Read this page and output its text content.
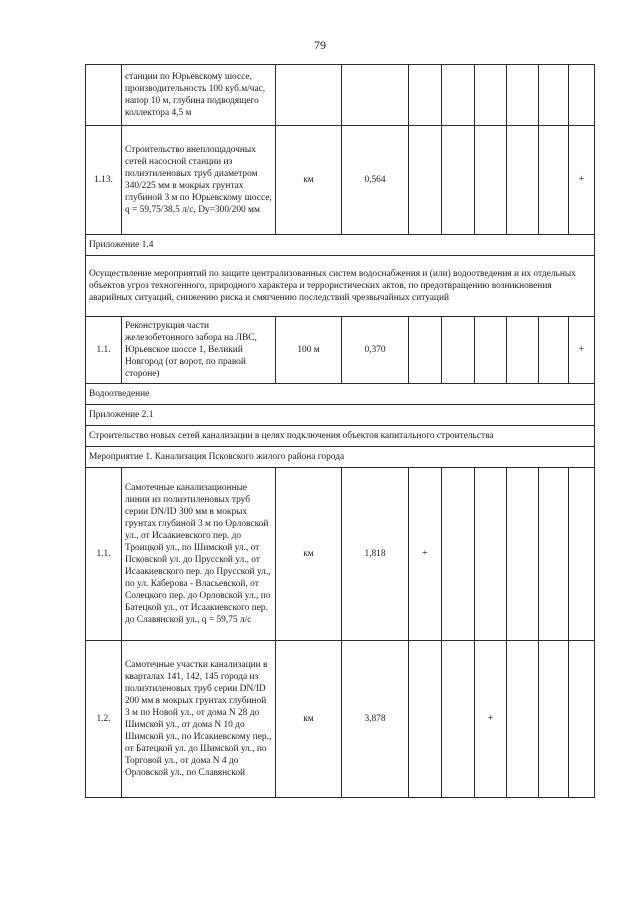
79
	станции по Юрьевскому шоссе, производительность 100 куб.м/час, напор 10 м, глубина подводящего коллектора 4,5 м								
1.13.	Строительство внеплощадочных сетей насосной станции из полиэтиленовых труб диаметром 340/225 мм в мокрых грунтах глубиной 3 м по Юрьевскому шоссе, q = 59,75/38,5 л/с, Dy=300/200 мм	км	0,564						+
Приложение 1.4									
Осуществление мероприятий по защите централизованных систем водоснабжения и (или) водоотведения и их отдельных объектов угроз техногенного, природного характера и террористических актов, по предотвращению возникновения аварийных ситуаций, снижению риска и смягчению последствий чрезвычайных ситуаций									
1.1.	Реконструкция части железобетонного забора на ЛВС, Юрьевское шоссе 1, Великий Новгород (от ворот, по правой стороне)	100 м	0,370						+
Водоотведение									
Приложение 2.1									
Строительство новых сетей канализации в целях подключения объектов капитального строительства									
Мероприятие 1. Канализация Псковского жилого района города									
1.1.	Самотечные канализационные линии из полиэтиленовых труб серии DN/ID 300 мм в мокрых грунтах глубиной 3 м по Орловской ул., от Исаакиевского пер. до Троицкой ул., по Шимской ул., от Псковской ул. до Прусской ул., от Исаакиевского пер. до Прусской ул., по ул. Каберова - Власьевской, от Солецкого пер. до Орловской ул., по Батецкой ул., от Исаакиевского пер. до Славянской ул., q = 59,75 л/с	км	1,818	+					
1.2.	Самотечные участки канализации в кварталах 141, 142, 145 города из полиэтиленовых труб серии DN/ID 200 мм в мокрых грунтах глубиной 3 м по Новой ул., от дома N 28 до Шимской ул., от дома N 10 до Шимской ул., по Исакиевскому пер., от Батецкой ул. до Шимской ул., по Торговой ул., от дома N 4 до Орловской ул., по Славянской	км	3,878			+			
